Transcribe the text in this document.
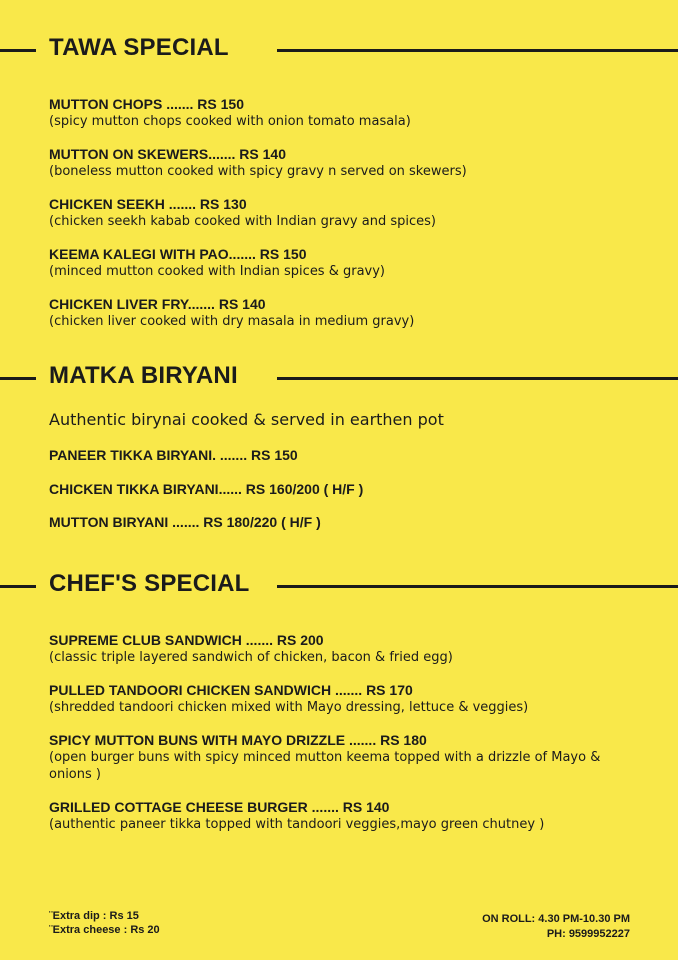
TAWA SPECIAL
MUTTON CHOPS ....... RS 150
(spicy mutton chops cooked with onion tomato masala)
MUTTON ON SKEWERS....... RS 140
(boneless mutton cooked with spicy gravy n served on skewers)
CHICKEN SEEKH ....... RS 130
(chicken seekh kabab cooked with Indian gravy and spices)
KEEMA KALEGI WITH PAO....... RS 150
(minced mutton cooked with Indian spices & gravy)
CHICKEN LIVER FRY....... RS 140
(chicken liver cooked with dry masala in medium gravy)
MATKA BIRYANI
Authentic birynai cooked & served in earthen pot
PANEER TIKKA BIRYANI. ....... RS 150
CHICKEN TIKKA BIRYANI...... RS 160/200 ( H/F )
MUTTON BIRYANI ....... RS 180/220 ( H/F )
CHEF'S SPECIAL
SUPREME CLUB SANDWICH ....... RS 200
(classic triple layered sandwich of chicken, bacon & fried egg)
PULLED TANDOORI CHICKEN SANDWICH ....... RS 170
(shredded tandoori chicken mixed with Mayo dressing, lettuce & veggies)
SPICY MUTTON BUNS WITH MAYO DRIZZLE ....... RS 180
(open burger buns with spicy minced mutton keema topped with a drizzle of Mayo & onions )
GRILLED COTTAGE CHEESE BURGER ....... RS 140
(authentic paneer tikka topped with tandoori veggies,mayo green chutney )
¨Extra dip : Rs 15
¨Extra cheese : Rs 20
ON ROLL: 4.30 PM-10.30 PM
PH: 9599952227
